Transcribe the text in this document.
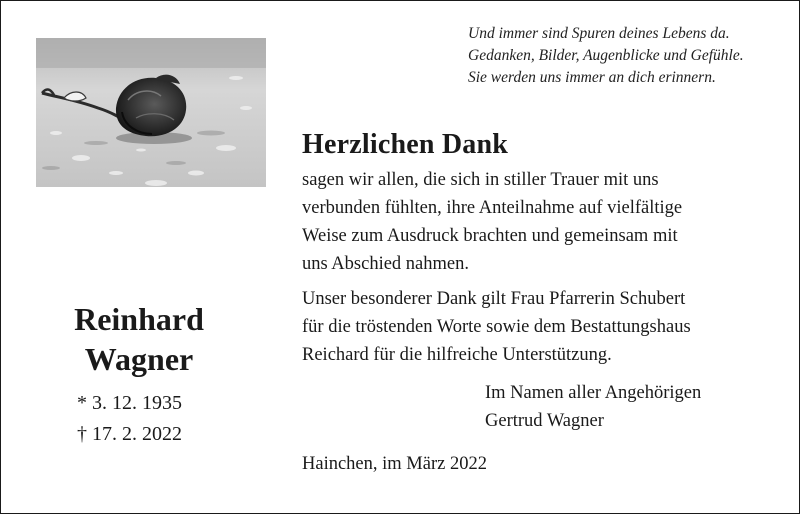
Und immer sind Spuren deines Lebens da.
Gedanken, Bilder, Augenblicke und Gefühle.
Sie werden uns immer an dich erinnern.
Herzlichen Dank
sagen wir allen, die sich in stiller Trauer mit uns
verbunden fühlten, ihre Anteilnahme auf vielfältige
Weise zum Ausdruck brachten und gemeinsam mit
uns Abschied nahmen.
Unser besonderer Dank gilt Frau Pfarrerin Schubert
für die tröstenden Worte sowie dem Bestattungshaus
Reichard für die hilfreiche Unterstützung.
Reinhard
Wagner
* 3. 12. 1935
† 17. 2. 2022
Im Namen aller Angehörigen
Gertrud Wagner
Hainchen, im März 2022
